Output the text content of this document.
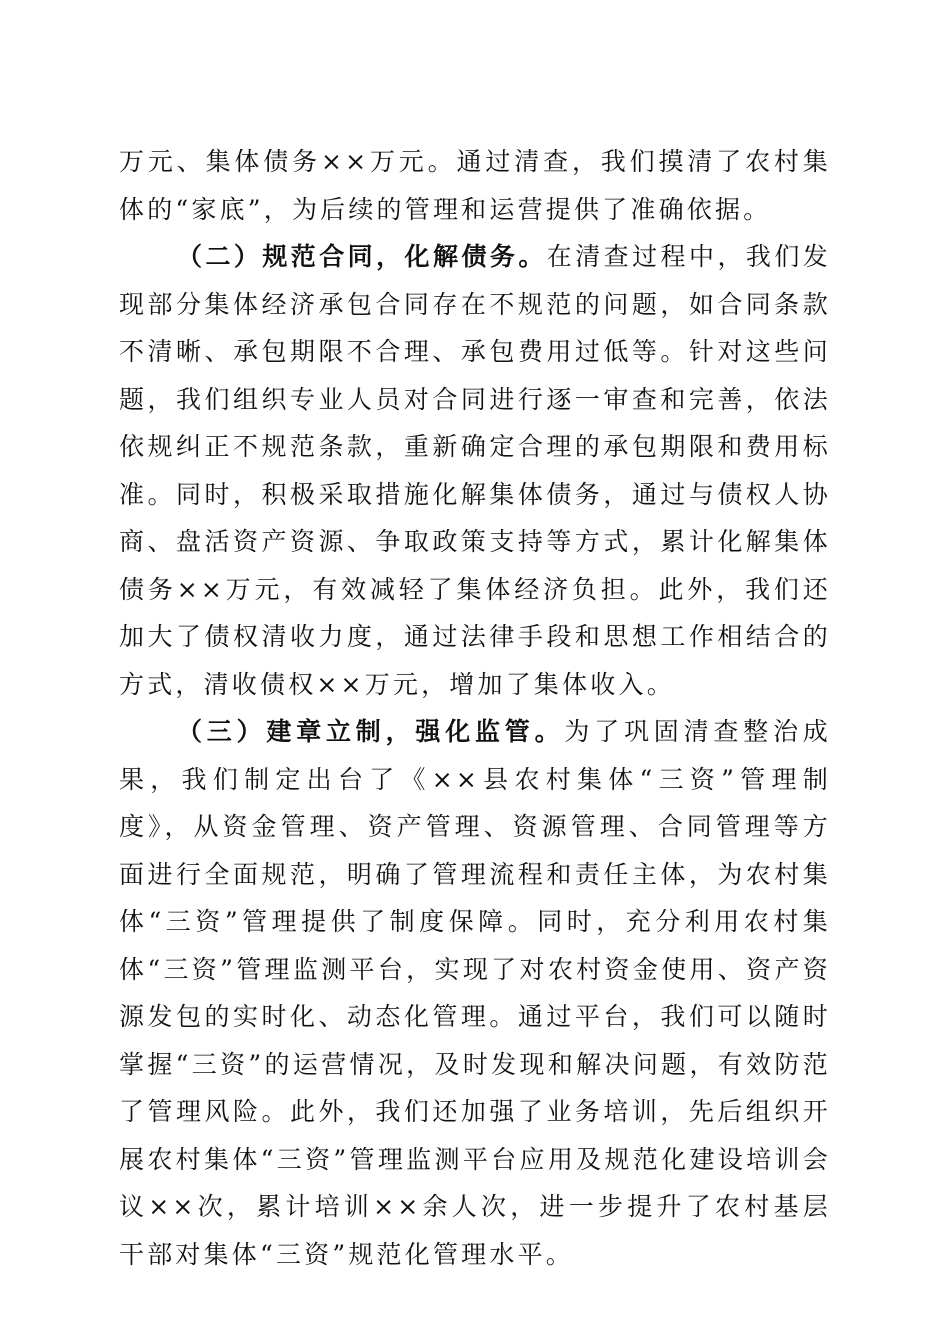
万元、集体债务××万元。通过清查，我们摸清了农村集体的“家底”，为后续的管理和运营提供了准确依据。

（二）规范合同，化解债务。在清查过程中，我们发现部分集体经济承包合同存在不规范的问题，如合同条款不清晰、承包期限不合理、承包费用过低等。针对这些问题，我们组织专业人员对合同进行逐一审查和完善，依法依规纠正不规范条款，重新确定合理的承包期限和费用标准。同时，积极采取措施化解集体债务，通过与债权人协商、盘活资产资源、争取政策支持等方式，累计化解集体债务××万元，有效减轻了集体经济负担。此外，我们还加大了债权清收力度，通过法律手段和思想工作相结合的方式，清收债权××万元，增加了集体收入。

（三）建章立制，强化监管。为了巩固清查整治成果，我们制定出台了《××县农村集体“三资”管理制度》，从资金管理、资产管理、资源管理、合同管理等方面进行全面规范，明确了管理流程和责任主体，为农村集体“三资”管理提供了制度保障。同时，充分利用农村集体“三资”管理监测平台，实现了对农村资金使用、资产资源发包的实时化、动态化管理。通过平台，我们可以随时掌握“三资”的运营情况，及时发现和解决问题，有效防范了管理风险。此外，我们还加强了业务培训，先后组织开展农村集体“三资”管理监测平台应用及规范化建设培训会议××次，累计培训××余人次，进一步提升了农村基层干部对集体“三资”规范化管理水平。
